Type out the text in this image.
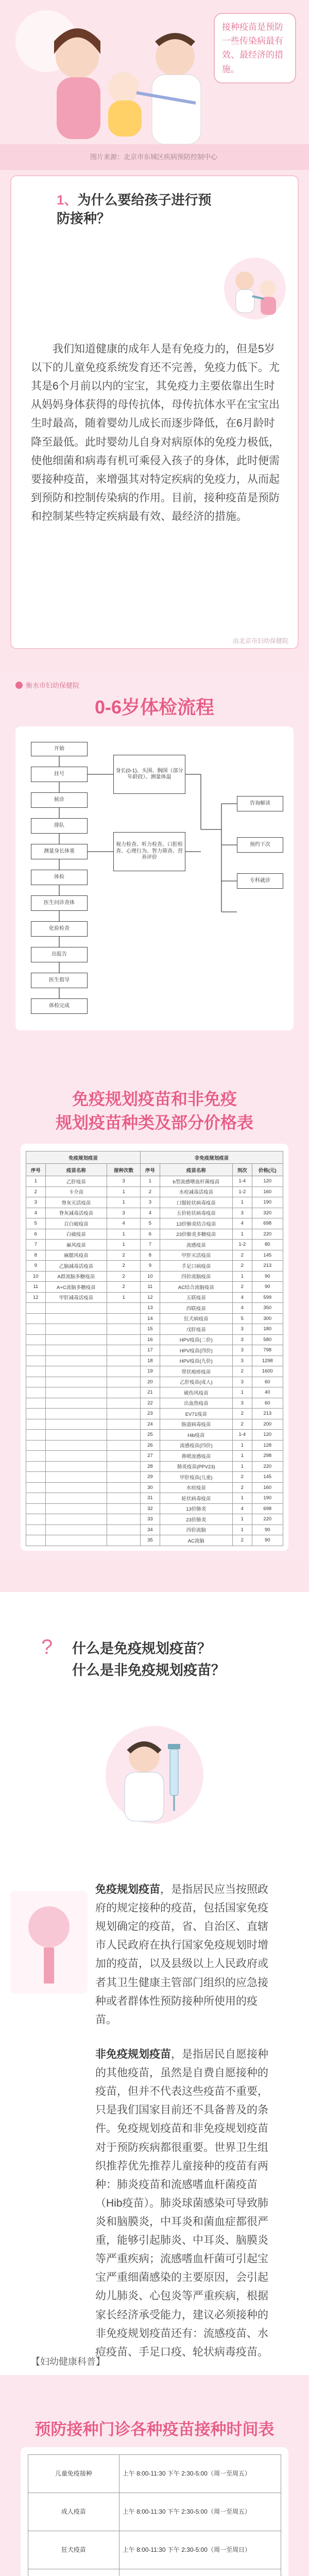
接种疫苗是预防一些传染病最有效、最经济的措施。
图片来源：北京市东城区疾病预防控制中心
1、为什么要给孩子进行预防接种？

我们知道健康的成年人是有免疫力的，但是5岁以下的儿童免疫系统发育还不完善，免疫力低下。尤其是6个月前以内的宝宝，其免疫力主要依靠出生时从妈妈身体获得的母传抗体，母传抗体水平在宝宝出生时最高，随着婴幼儿成长而逐步降低，在6月龄时降至最低。此时婴幼儿自身对病原体的免疫力极低，使他细菌和病毒有机可乘侵入孩子的身体，此时便需要接种疫苗，来增强其对特定疾病的免疫力，从而起到预防和控制传染病的作用。目前，接种疫苗是预防和控制某些特定疾病最有效、最经济的措施。

由北京市妇幼保健院
衡水市妇幼保健院
0-6岁体检流程
开始
挂号
候诊
排队
测量身长体重
体检
医生问诊查体
化验检查
出报告
医生指导
体检完成
身长(0-1)、头围、胸围（部分年龄段）、测量体温
视力检查、听力检查、口腔检查、心理行为、智力筛查、营养评价
咨询解读
预约下次
专科就诊
免疫规划疫苗和非免疫
规划疫苗种类及部分价格表
免疫规划疫苗			非免疫规划疫苗			
序号	疫苗名称	接种次数	序号	疫苗名称	剂次	价格(元)
1	乙肝疫苗	3	1	b型流感嗜血杆菌疫苗	1-4	120
2	卡介苗	1	2	水痘减毒活疫苗	1-2	160
3	脊灰灭活疫苗	1	3	口服轮状病毒疫苗	1	190
4	脊灰减毒活疫苗	3	4	五价轮状病毒疫苗	3	320
5	百白破疫苗	4	5	13价肺炎结合疫苗	4	698
6	白破疫苗	1	6	23价肺炎多糖疫苗	1	220
7	麻风疫苗	1	7	流感疫苗	1-2	80
8	麻腮风疫苗	2	8	甲肝灭活疫苗	2	145
9	乙脑减毒活疫苗	2	9	手足口病疫苗	2	213
10	A群流脑多糖疫苗	2	10	四价流脑疫苗	1	90
11	A+C流脑多糖疫苗	2	11	AC结合流脑疫苗	2	90
12	甲肝减毒活疫苗	1	12	五联疫苗	4	599
			13	四联疫苗	4	350
			14	狂犬病疫苗	5	300
			15	戊肝疫苗	3	180
			16	HPV疫苗(二价)	3	580
			17	HPV疫苗(四价)	3	798
			18	HPV疫苗(九价)	3	1298
			19	带状疱疹疫苗	2	1600
			20	乙肝疫苗(成人)	3	60
			21	破伤风疫苗	1	40
			22	出血热疫苗	3	60
			23	EV71疫苗	2	213
			24	肠道病毒疫苗	2	200
			25	Hib疫苗	1-4	120
			26	流感疫苗(四价)	1	128
			27	鼻喷流感疫苗	1	298
			28	肺炎疫苗(PPV23)	1	220
			29	甲肝疫苗(儿童)	2	145
			30	水痘疫苗	2	160
			31	轮状病毒疫苗	1	190
			32	13价肺炎	4	698
			33	23价肺炎	1	220
			34	四价流脑	1	90
			35	AC流脑	2	90
? 什么是免疫规划疫苗？
什么是非免疫规划疫苗？

免疫规划疫苗，是指居民应当按照政府的规定接种的疫苗，包括国家免疫规划确定的疫苗，省、自治区、直辖市人民政府在执行国家免疫规划时增加的疫苗，以及县级以上人民政府或者其卫生健康主管部门组织的应急接种或者群体性预防接种所使用的疫苗。

非免疫规划疫苗，是指居民自愿接种的其他疫苗，虽然是自费自愿接种的疫苗，但并不代表这些疫苗不重要，只是我们国家目前还不具备普及的条件。免疫规划疫苗和非免疫规划疫苗对于预防疾病都很重要。世界卫生组织推荐优先推荐儿童接种的疫苗有两种：肺炎疫苗和流感嗜血杆菌疫苗（Hib疫苗）。肺炎球菌感染可导致肺炎和脑膜炎，中耳炎和菌血症都很严重，能够引起肺炎、中耳炎、脑膜炎等严重疾病；流感嗜血杆菌可引起宝宝严重细菌感染的主要原因，会引起幼儿肺炎、心包炎等严重疾病，根据家长经济承受能力，建议必须接种的非免疫规划疫苗还有：流感疫苗、水痘疫苗、手足口疫、轮状病毒疫苗。

【妇幼健康科普】
预防接种门诊各种疫苗接种时间表
儿童免疫接种	上午 8:00-11:30 下午 2:30-5:00（周一至周五）
成人疫苗	上午 8:00-11:30 下午 2:30-5:00（周一至周五）
狂犬疫苗	上午 8:00-11:30 下午 2:30-5:00（周一至周日）
